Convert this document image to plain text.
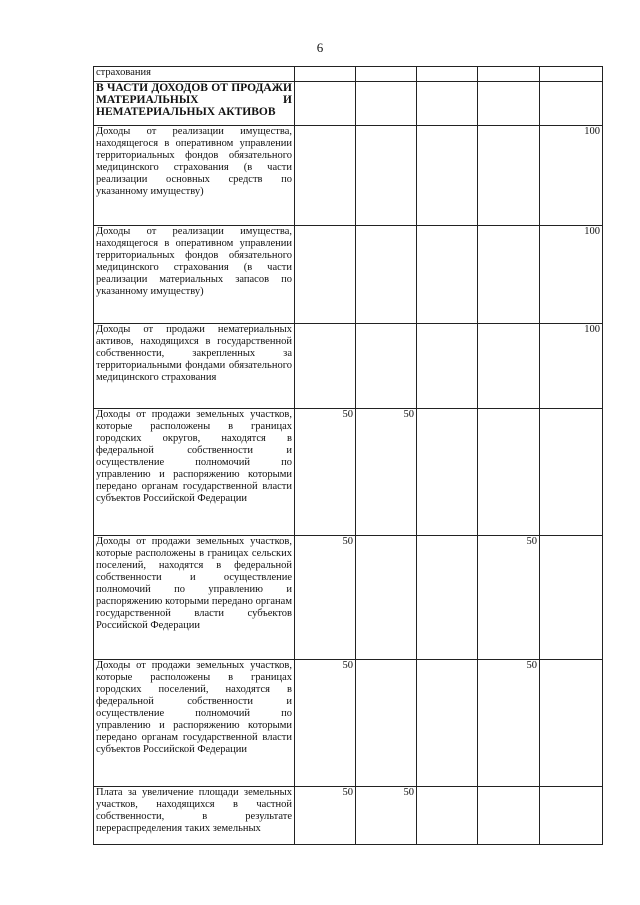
6
страхования					
В ЧАСТИ ДОХОДОВ ОТ ПРОДАЖИ МАТЕРИАЛЬНЫХ И НЕМАТЕРИАЛЬНЫХ АКТИВОВ					
Доходы от реализации имущества, находящегося в оперативном управлении территориальных фондов обязательного медицинского страхования (в части реализации основных средств по указанному имуществу)					100
Доходы от реализации имущества, находящегося в оперативном управлении территориальных фондов обязательного медицинского страхования (в части реализации материальных запасов по указанному имуществу)					100
Доходы от продажи нематериальных активов, находящихся в государственной собственности, закрепленных за территориальными фондами обязательного медицинского страхования					100
Доходы от продажи земельных участков, которые расположены в границах городских округов, находятся в федеральной собственности и осуществление полномочий по управлению и распоряжению которыми передано органам государственной власти субъектов Российской Федерации	50	50			
Доходы от продажи земельных участков, которые расположены в границах сельских поселений, находятся в федеральной собственности и осуществление полномочий по управлению и распоряжению которыми передано органам государственной власти субъектов Российской Федерации	50			50	
Доходы от продажи земельных участков, которые расположены в границах городских поселений, находятся в федеральной собственности и осуществление полномочий по управлению и распоряжению которыми передано органам государственной власти субъектов Российской Федерации	50			50	
Плата за увеличение площади земельных участков, находящихся в частной собственности, в результате перераспределения таких земельных	50	50			
